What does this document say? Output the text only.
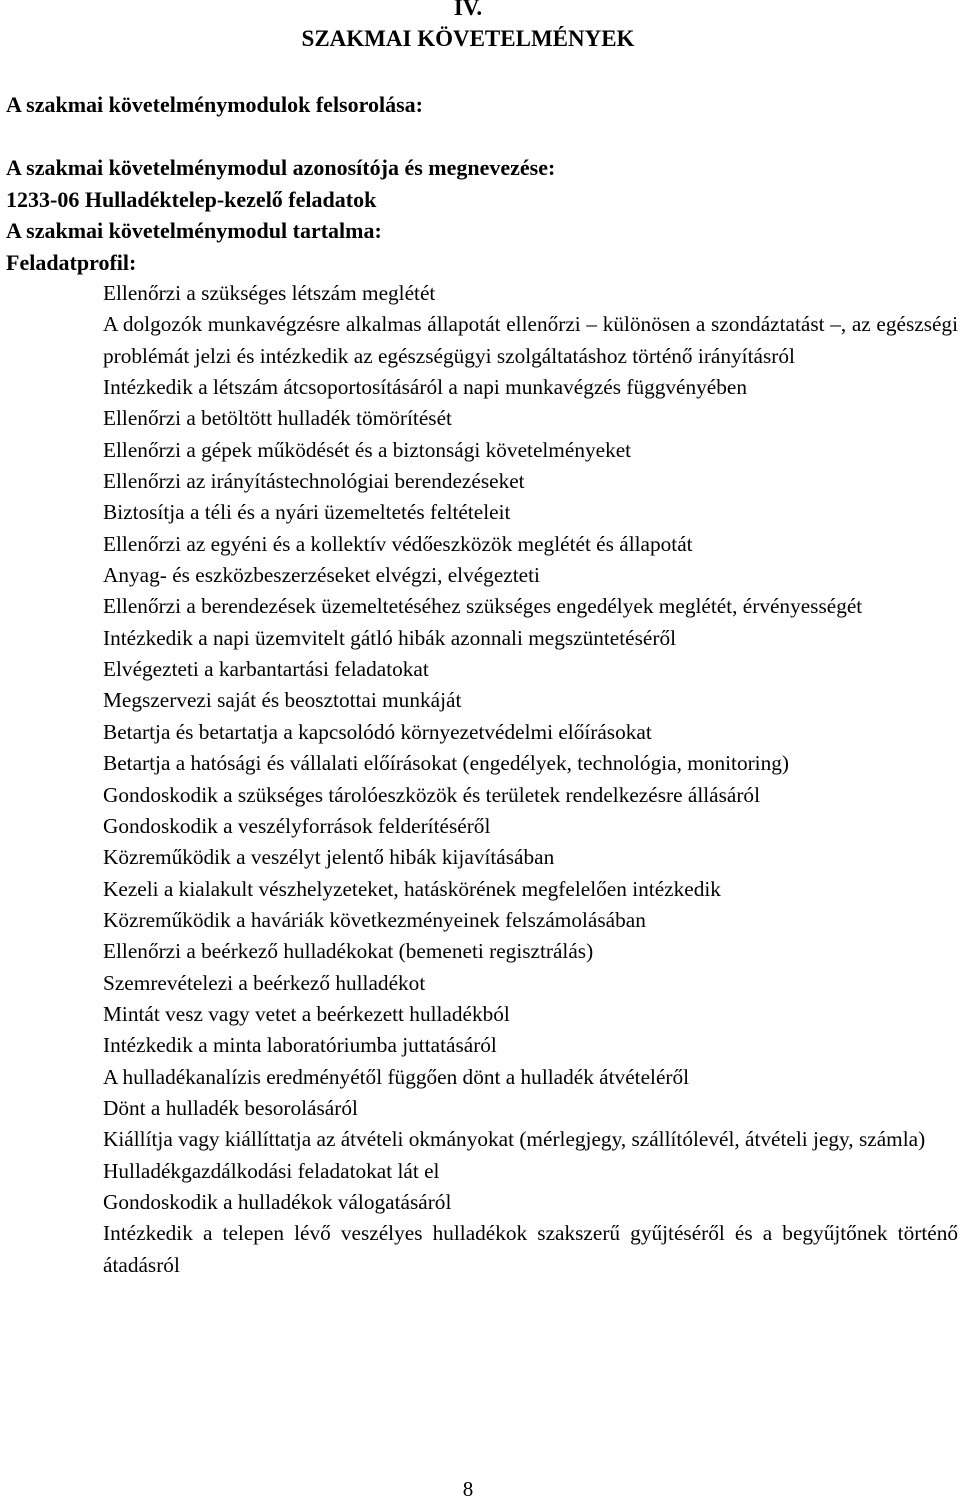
IV.
SZAKMAI KÖVETELMÉNYEK
A szakmai követelménymodulok felsorolása:
A szakmai követelménymodul azonosítója és megnevezése:
1233-06 Hulladéktelep-kezelő feladatok
A szakmai követelménymodul tartalma:
Feladatprofil:
Ellenőrzi a szükséges létszám meglétét
A dolgozók munkavégzésre alkalmas állapotát ellenőrzi – különösen a szondáztatást –, az egészségi problémát jelzi és intézkedik az egészségügyi szolgáltatáshoz történő irányításról
Intézkedik a létszám átcsoportosításáról a napi munkavégzés függvényében
Ellenőrzi a betöltött hulladék tömörítését
Ellenőrzi a gépek működését és a biztonsági követelményeket
Ellenőrzi az irányítástechnológiai berendezéseket
Biztosítja a téli és a nyári üzemeltetés feltételeit
Ellenőrzi az egyéni és a kollektív védőeszközök meglétét és állapotát
Anyag- és eszközbeszerzéseket elvégzi, elvégezteti
Ellenőrzi a berendezések üzemeltetéséhez szükséges engedélyek meglétét, érvényességét
Intézkedik a napi üzemvitelt gátló hibák azonnali megszüntetéséről
Elvégezteti a karbantartási feladatokat
Megszervezi saját és beosztottai munkáját
Betartja és betartatja a kapcsolódó környezetvédelmi előírásokat
Betartja a hatósági és vállalati előírásokat (engedélyek, technológia, monitoring)
Gondoskodik a szükséges tárolóeszközök és területek rendelkezésre állásáról
Gondoskodik a veszélyforrások felderítéséről
Közreműködik a veszélyt jelentő hibák kijavításában
Kezeli a kialakult vészhelyzeteket, hatáskörének megfelelően intézkedik
Közreműködik a haváriák következményeinek felszámolásában
Ellenőrzi a beérkező hulladékokat (bemeneti regisztrálás)
Szemrevételezi a beérkező hulladékot
Mintát vesz vagy vetet a beérkezett hulladékból
Intézkedik a minta laboratóriumba juttatásáról
A hulladékanalízis eredményétől függően dönt a hulladék átvételéről
Dönt a hulladék besorolásáról
Kiállítja vagy kiállíttatja az átvételi okmányokat (mérlegjegy, szállítólevél, átvételi jegy, számla)
Hulladékgazdálkodási feladatokat lát el
Gondoskodik a hulladékok válogatásáról
Intézkedik a telepen lévő veszélyes hulladékok szakszerű gyűjtéséről és a begyűjtőnek történő átadásról
8
